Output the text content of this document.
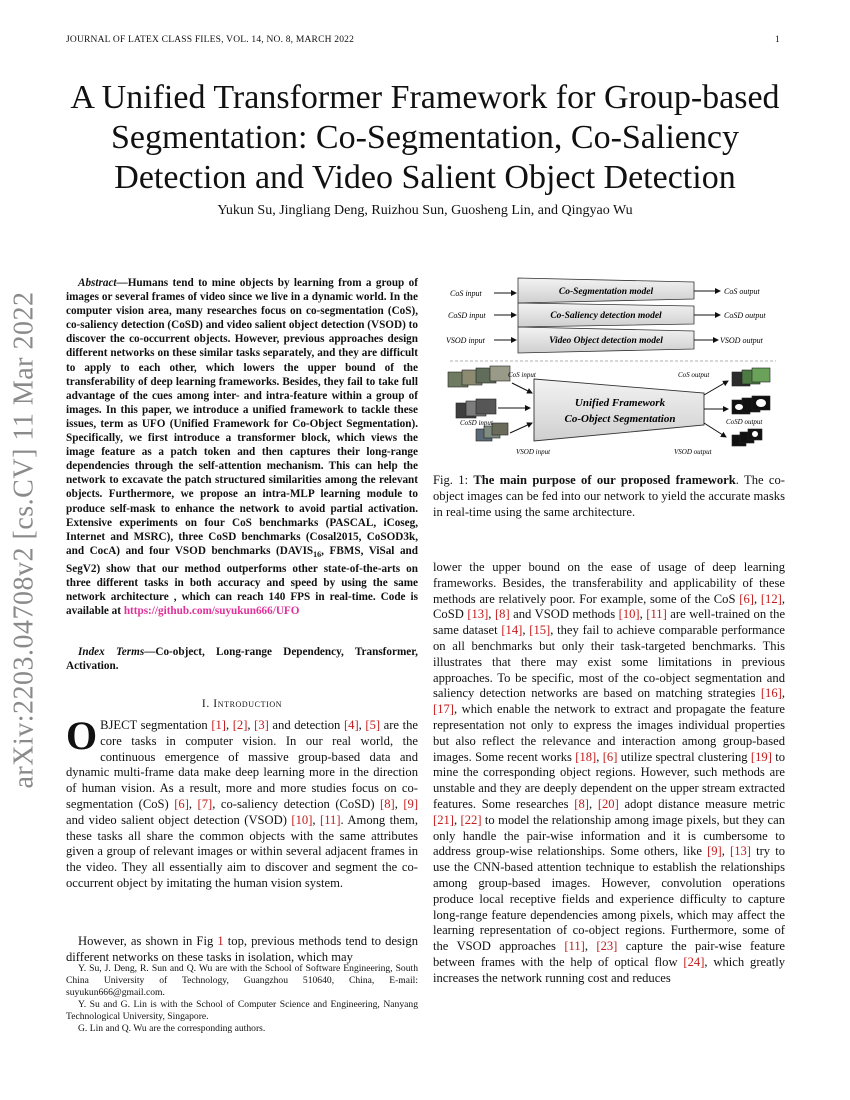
JOURNAL OF LATEX CLASS FILES, VOL. 14, NO. 8, MARCH 2022	1
arXiv:2203.04708v2 [cs.CV] 11 Mar 2022
A Unified Transformer Framework for Group-based
Segmentation: Co-Segmentation, Co-Saliency
Detection and Video Salient Object Detection
Yukun Su, Jingliang Deng, Ruizhou Sun, Guosheng Lin, and Qingyao Wu

Abstract—Humans tend to mine objects by learning from a group of images or several frames of video since we live in a dynamic world. In the computer vision area, many researches focus on co-segmentation (CoS), co-saliency detection (CoSD) and video salient object detection (VSOD) to discover the co-occurrent objects. However, previous approaches design different networks on these similar tasks separately, and they are difficult to apply to each other, which lowers the upper bound of the transferability of deep learning frameworks. Besides, they fail to take full advantage of the cues among inter- and intra-feature within a group of images. In this paper, we introduce a unified framework to tackle these issues, term as UFO (Unified Framework for Co-Object Segmentation). Specifically, we first introduce a transformer block, which views the image feature as a patch token and then captures their long-range dependencies through the self-attention mechanism. This can help the network to excavate the patch structured similarities among the relevant objects. Furthermore, we propose an intra-MLP learning module to produce self-mask to enhance the network to avoid partial activation. Extensive experiments on four CoS benchmarks (PASCAL, iCoseg, Internet and MSRC), three CoSD benchmarks (Cosal2015, CoSOD3k, and CocA) and four VSOD benchmarks ($DAVIS_{16}$, FBMS, ViSal and SegV2) show that our method outperforms other state-of-the-arts on three different tasks in both accuracy and speed by using the same network architecture , which can reach 140 FPS in real-time. Code is available at https://github.com/suyukun666/UFO

Index Terms—Co-object, Long-range Dependency, Transformer, Activation.

I. Introduction

OBJECT segmentation [1], [2], [3] and detection [4], [5] are the core tasks in computer vision. In our real world, the continuous emergence of massive group-based data and dynamic multi-frame data make deep learning more in the direction of human vision. As a result, more and more studies focus on co-segmentation (CoS) [6], [7], co-saliency detection (CoSD) [8], [9] and video salient object detection (VSOD) [10], [11]. Among them, these tasks all share the common objects with the same attributes given a group of relevant images or within several adjacent frames in the video. They all essentially aim to discover and segment the co-occurrent object by imitating the human vision system.

However, as shown in Fig 1 top, previous methods tend to design different networks on these tasks in isolation, which may

Y. Su, J. Deng, R. Sun and Q. Wu are with the School of Software Engineering, South China University of Technology, Guangzhou 510640, China, E-mail: suyukun666@gmail.com.

Y. Su and G. Lin is with the School of Computer Science and Engineering, Nanyang Technological University, Singapore.

G. Lin and Q. Wu are the corresponding authors.

CoS input
CoSD input
VSOD input
Co-Segmentation model
Co-Saliency detection model
Video Object detection model
CoS output
CoSD output
VSOD output
CoS input
CoSD input
VSOD input
Unified Framework
Co-Object Segmentation
CoS output
CoSD output
VSOD output
Fig. 1: The main purpose of our proposed framework. The co-object images can be fed into our network to yield the accurate masks in real-time using the same architecture.

lower the upper bound on the ease of usage of deep learning frameworks. Besides, the transferability and applicability of these methods are relatively poor. For example, some of the CoS [6], [12], CoSD [13], [8] and VSOD methods [10], [11] are well-trained on the same dataset [14], [15], they fail to achieve comparable performance on all benchmarks but only their task-targeted benchmarks. This illustrates that there may exist some limitations in previous approaches. To be specific, most of the co-object segmentation and saliency detection networks are based on matching strategies [16], [17], which enable the network to extract and propagate the feature representation not only to express the images individual properties but also reflect the relevance and interaction among group-based images. Some recent works [18], [6] utilize spectral clustering [19] to mine the corresponding object regions. However, such methods are unstable and they are deeply dependent on the upper stream extracted features. Some researches [8], [20] adopt distance measure metric [21], [22] to model the relationship among image pixels, but they can only handle the pair-wise information and it is cumbersome to address group-wise relationships. Some others, like [9], [13] try to use the CNN-based attention technique to establish the relationships among group-based images. However, convolution operations produce local receptive fields and experience difficulty to capture long-range feature dependencies among pixels, which may affect the learning representation of co-object regions. Furthermore, some of the VSOD approaches [11], [23] capture the pair-wise feature between frames with the help of optical flow [24], which greatly increases the network running cost and reduces
